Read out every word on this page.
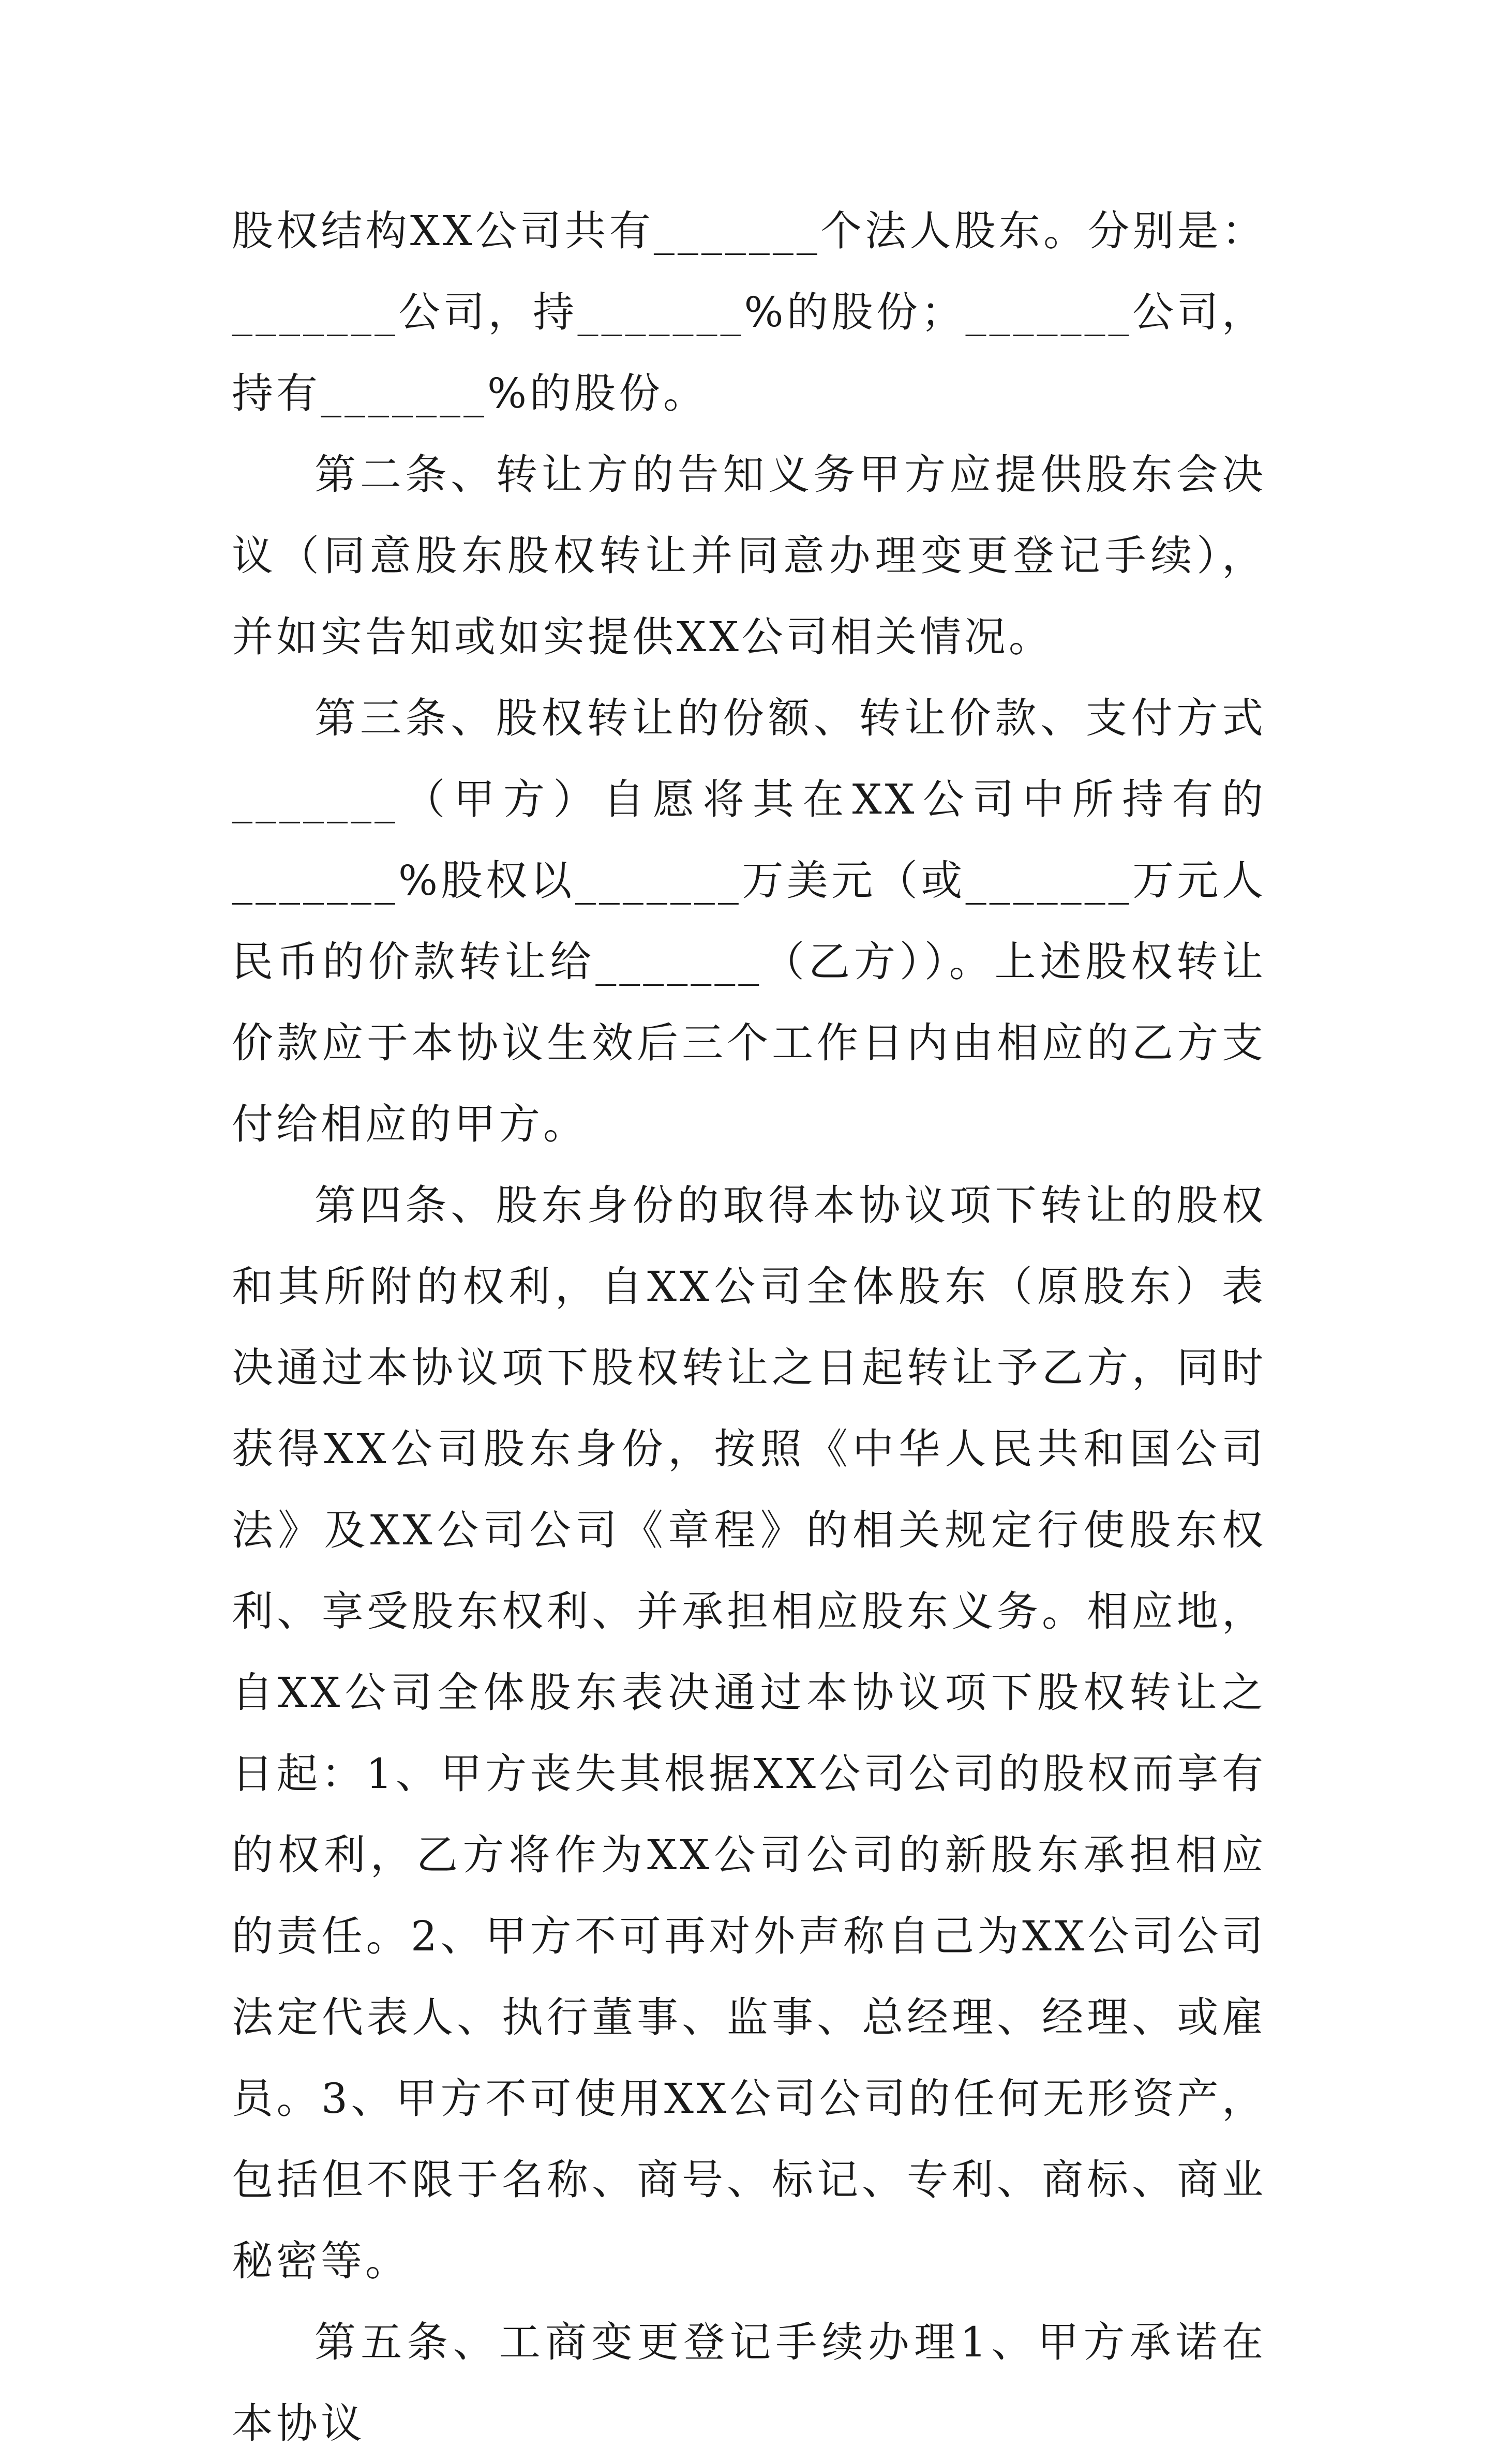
股权结构XX公司共有_______个法人股东。分别是：_______公司，持_______%的股份；_______公司，持有_______%的股份。

第二条、转让方的告知义务甲方应提供股东会决议（同意股东股权转让并同意办理变更登记手续），并如实告知或如实提供XX公司相关情况。

第三条、股权转让的份额、转让价款、支付方式_______（甲方）自愿将其在XX公司中所持有的_______%股权以_______万美元（或_______万元人民币的价款转让给_______（乙方））。上述股权转让价款应于本协议生效后三个工作日内由相应的乙方支付给相应的甲方。

第四条、股东身份的取得本协议项下转让的股权和其所附的权利，自XX公司全体股东（原股东）表决通过本协议项下股权转让之日起转让予乙方，同时获得XX公司股东身份，按照《中华人民共和国公司法》及XX公司公司《章程》的相关规定行使股东权利、享受股东权利、并承担相应股东义务。相应地，自XX公司全体股东表决通过本协议项下股权转让之日起：1、甲方丧失其根据XX公司公司的股权而享有的权利，乙方将作为XX公司公司的新股东承担相应的责任。2、甲方不可再对外声称自己为XX公司公司法定代表人、执行董事、监事、总经理、经理、或雇员。3、甲方不可使用XX公司公司的任何无形资产，包括但不限于名称、商号、标记、专利、商标、商业秘密等。

第五条、工商变更登记手续办理1、甲方承诺在本协议
